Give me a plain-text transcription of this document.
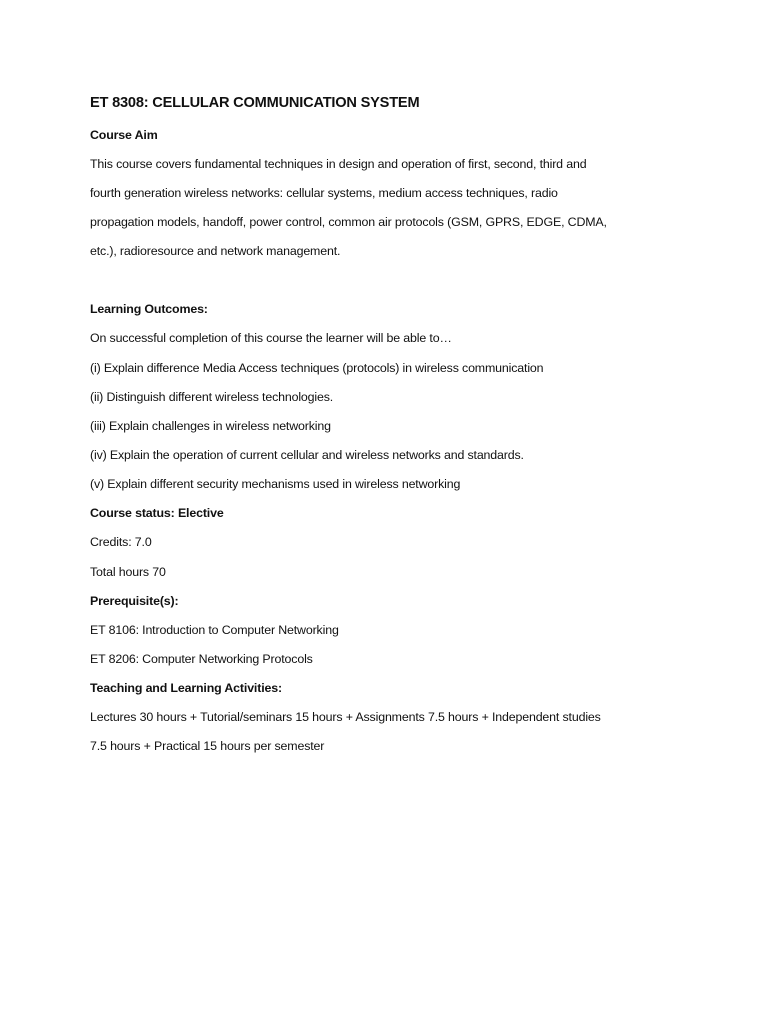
ET 8308: CELLULAR COMMUNICATION SYSTEM
Course Aim
This course covers fundamental techniques in design and operation of first, second, third and
fourth generation wireless networks: cellular systems, medium access techniques, radio
propagation models, handoff, power control, common air protocols (GSM, GPRS, EDGE, CDMA,
etc.), radioresource and network management.
Learning Outcomes:
On successful completion of this course the learner will be able to…
(i) Explain difference Media Access techniques (protocols) in wireless communication
(ii) Distinguish different wireless technologies.
(iii) Explain challenges in wireless networking
(iv) Explain the operation of current cellular and wireless networks and standards.
(v) Explain different security mechanisms used in wireless networking
Course status: Elective
Credits: 7.0
Total hours 70
Prerequisite(s):
ET 8106: Introduction to Computer Networking
ET 8206: Computer Networking Protocols
Teaching and Learning Activities:
Lectures 30 hours + Tutorial/seminars 15 hours + Assignments 7.5 hours + Independent studies
7.5 hours + Practical 15 hours per semester
